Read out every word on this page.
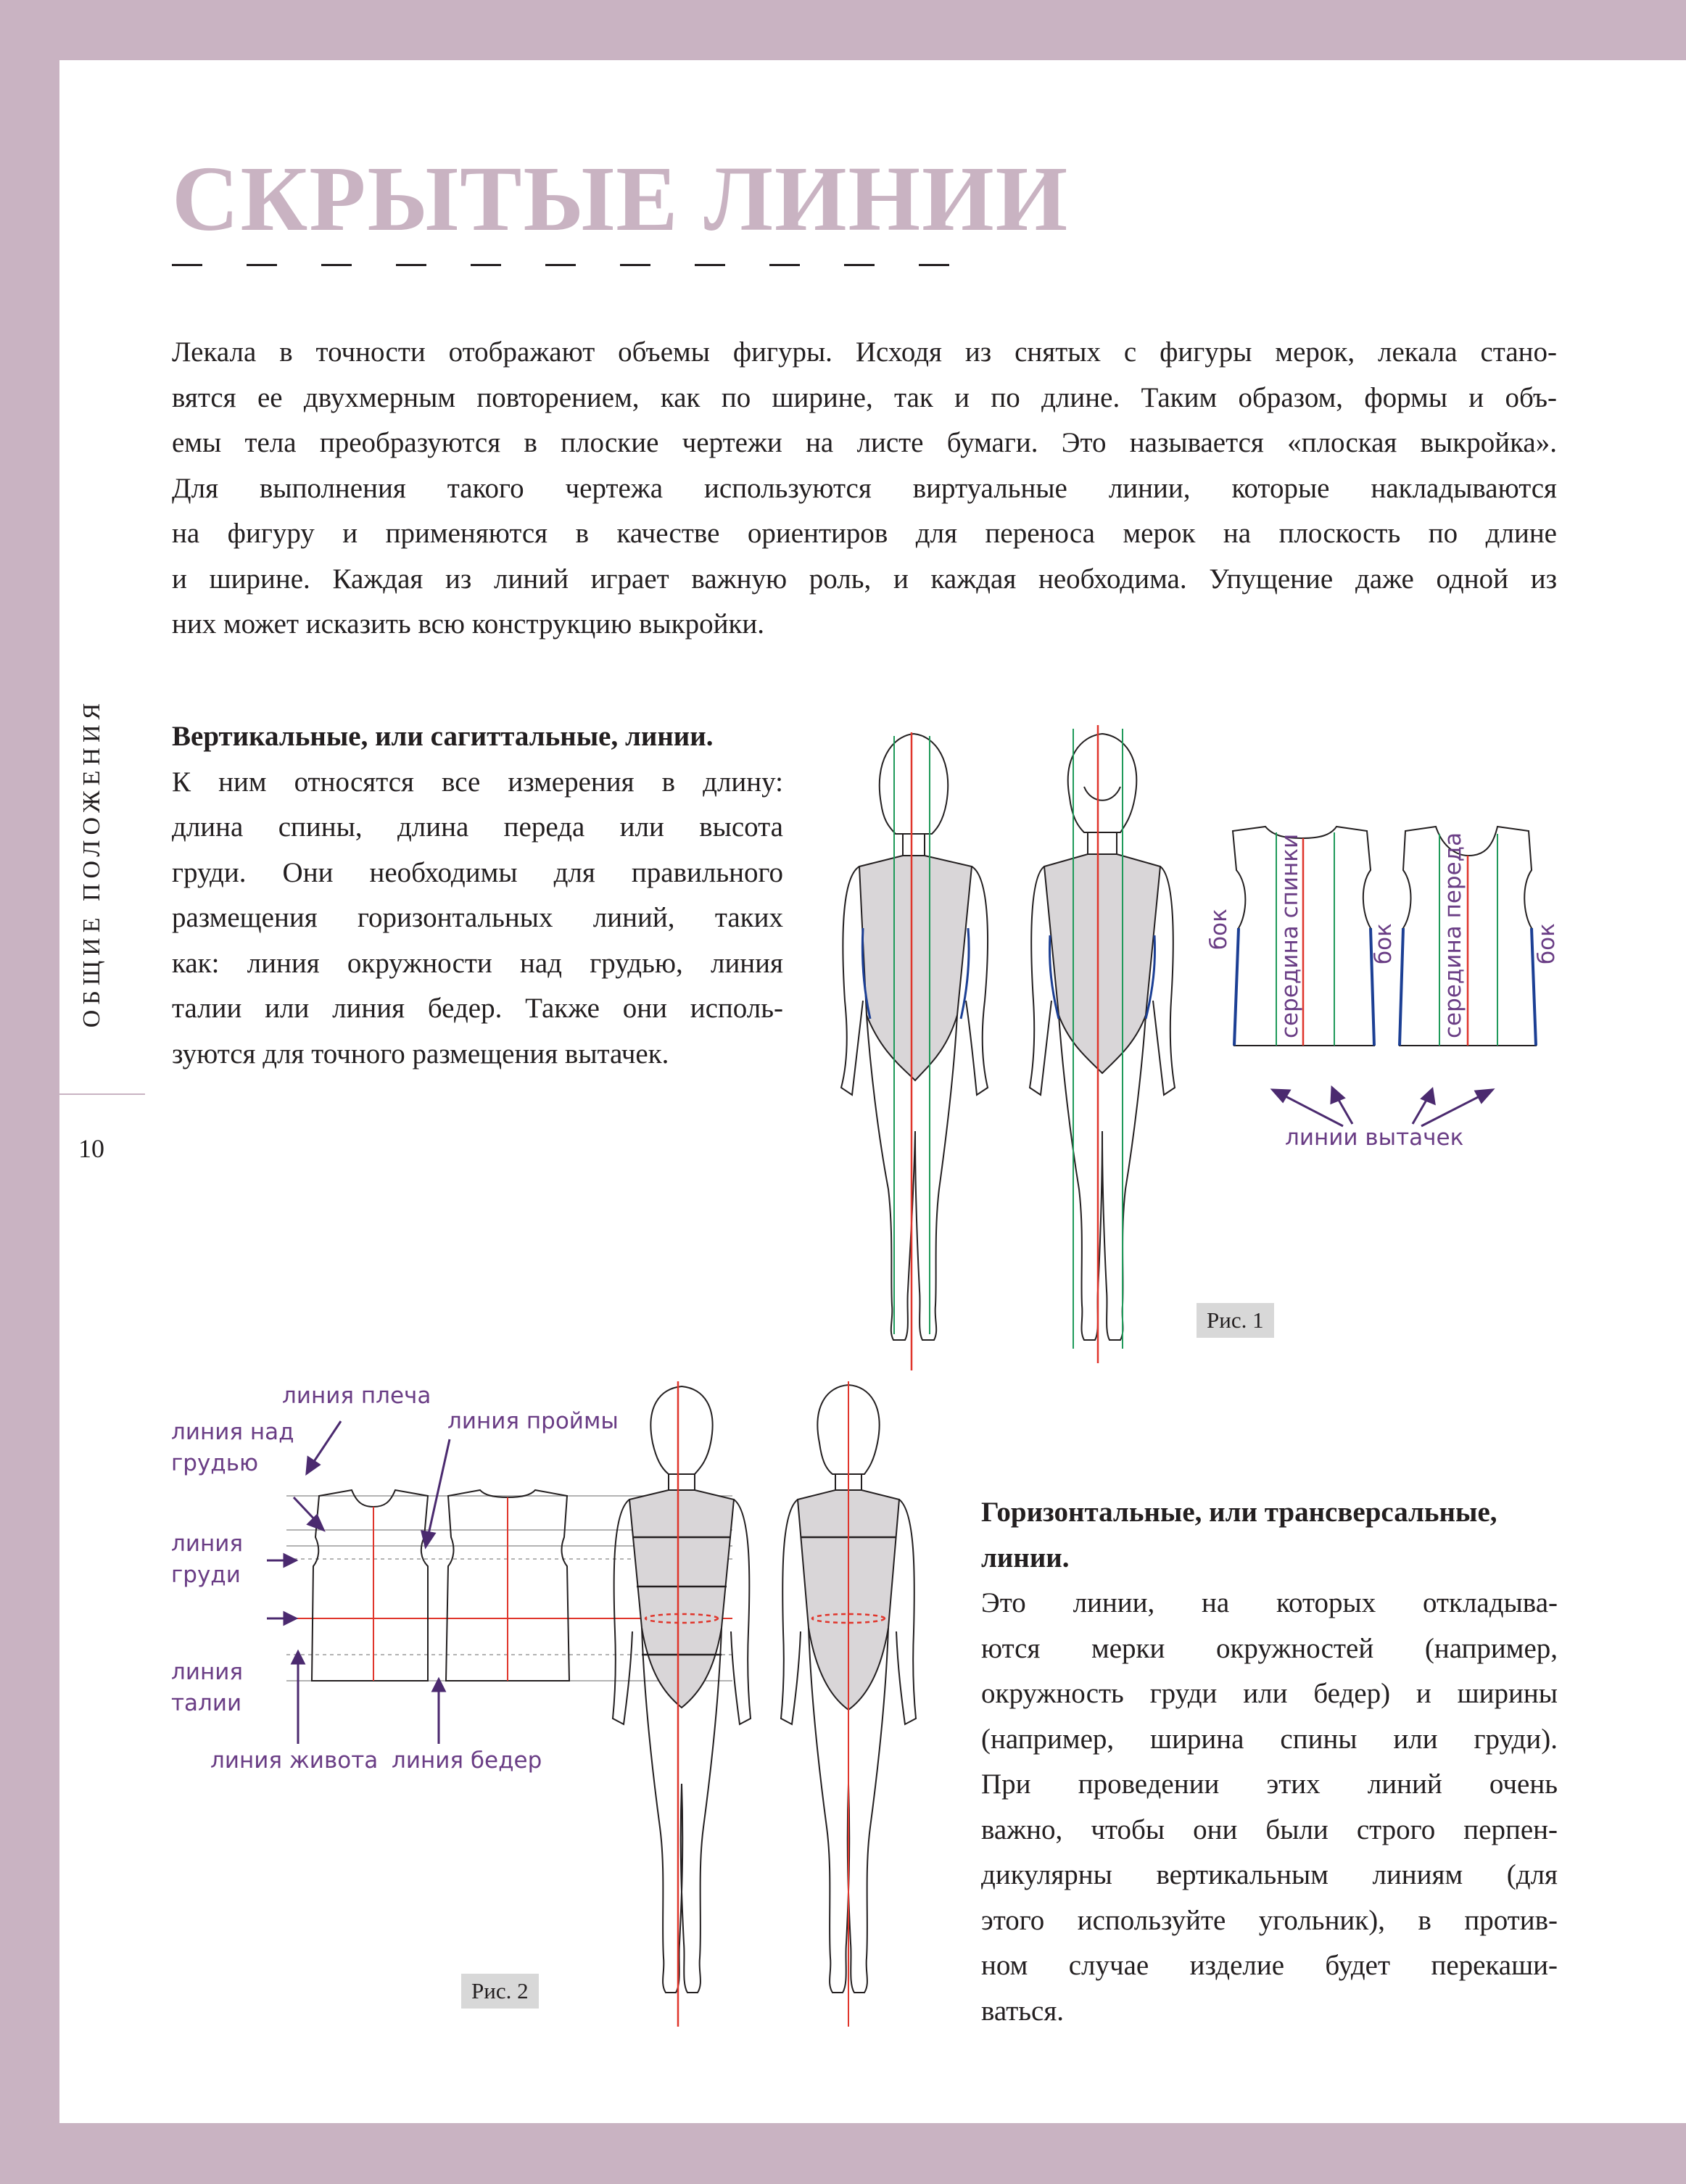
ОБЩИЕ ПОЛОЖЕНИЯ
10
СКРЫТЫЕ ЛИНИИ

Лекала в точности отображают объемы фигуры. Исходя из снятых с фигуры мерок, лекала стано-
вятся ее двухмерным повторением, как по ширине, так и по длине. Таким образом, формы и объ-
емы тела преобразуются в плоские чертежи на листе бумаги. Это называется «плоская выкройка».
Для выполнения такого чертежа используются виртуальные линии, которые накладываются
на фигуру и применяются в качестве ориентиров для переноса мерок на плоскость по длине
и ширине. Каждая из линий играет важную роль, и каждая необходима. Упущение даже одной из
них может исказить всю конструкцию выкройки.

Вертикальные, или сагиттальные, линии.
К ним относятся все измерения в длину:
длина спины, длина переда или высота
груди. Они необходимы для правильного
размещения горизонтальных линий, таких
как: линия окружности над грудью, линия
талии или линия бедер. Также они исполь-
зуются для точного размещения вытачек.

бок середина спинки	бок середина переда	бок
линии вытачек
Рис. 1
линия плеча
линия над
грудью
линия проймы
линия
груди
линия
талии
линия живота линия бедер
Рис. 2

Горизонтальные, или трансверсальные,
линии.
Это линии, на которых откладыва-
ются мерки окружностей (например,
окружность груди или бедер) и ширины
(например, ширина спины или груди).
При проведении этих линий очень
важно, чтобы они были строго перпен-
дикулярны вертикальным линиям (для
этого используйте угольник), в против-
ном случае изделие будет перекаши-
ваться.
